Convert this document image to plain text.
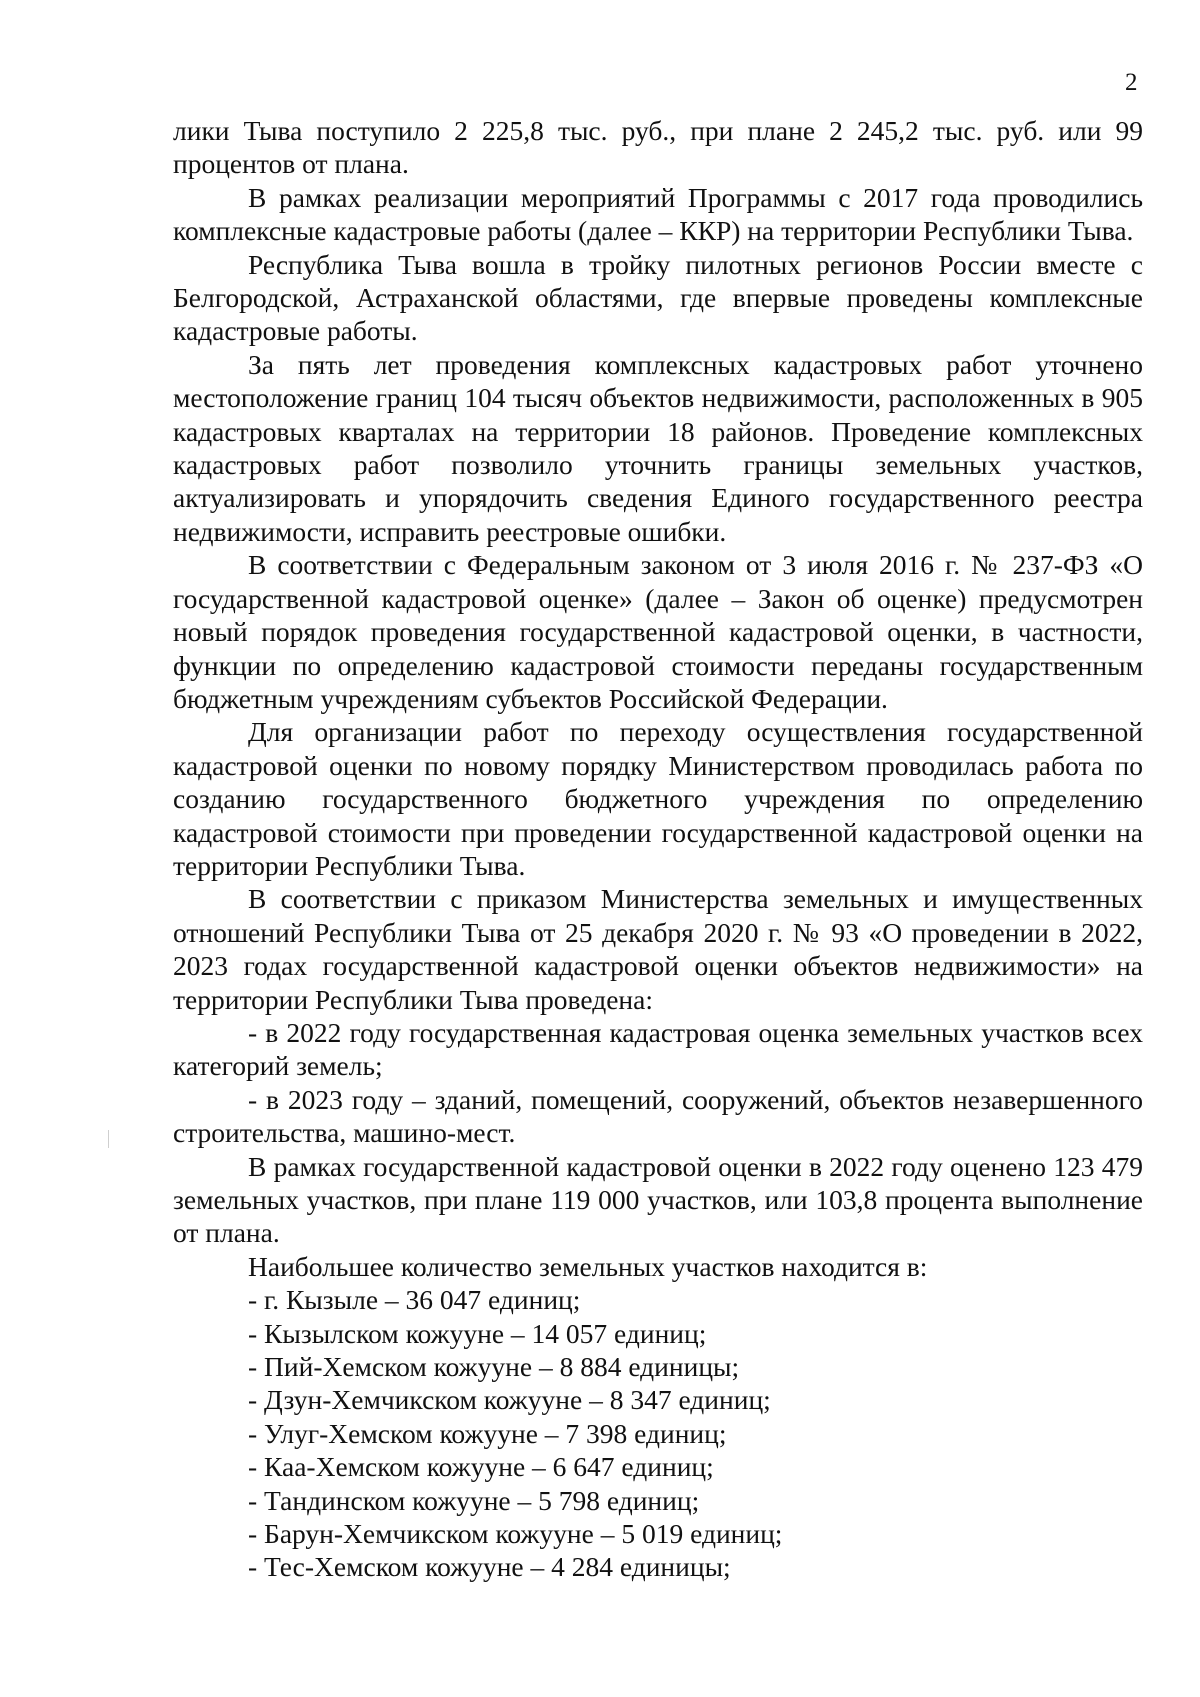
2

лики Тыва поступило 2 225,8 тыс. руб., при плане 2 245,2 тыс. руб. или 99 процентов от плана.

В рамках реализации мероприятий Программы с 2017 года проводились комплексные кадастровые работы (далее – ККР) на территории Республики Тыва.

Республика Тыва вошла в тройку пилотных регионов России вместе с Белгородской, Астраханской областями, где впервые проведены комплексные кадастровые работы.

За пять лет проведения комплексных кадастровых работ уточнено местоположение границ 104 тысяч объектов недвижимости, расположенных в 905 кадастровых кварталах на территории 18 районов. Проведение комплексных кадастровых работ позволило уточнить границы земельных участков, актуализировать и упорядочить сведения Единого государственного реестра недвижимости, исправить реестровые ошибки.

В соответствии с Федеральным законом от 3 июля 2016 г. № 237-ФЗ «О государственной кадастровой оценке» (далее – Закон об оценке) предусмотрен новый порядок проведения государственной кадастровой оценки, в частности, функции по определению кадастровой стоимости переданы государственным бюджетным учреждениям субъектов Российской Федерации.

Для организации работ по переходу осуществления государственной кадастровой оценки по новому порядку Министерством проводилась работа по созданию государственного бюджетного учреждения по определению кадастровой стоимости при проведении государственной кадастровой оценки на территории Республики Тыва.

В соответствии с приказом Министерства земельных и имущественных отношений Республики Тыва от 25 декабря 2020 г. № 93 «О проведении в 2022, 2023 годах государственной кадастровой оценки объектов недвижимости» на территории Республики Тыва проведена:

- в 2022 году государственная кадастровая оценка земельных участков всех категорий земель;

- в 2023 году – зданий, помещений, сооружений, объектов незавершенного строительства, машино-мест.

В рамках государственной кадастровой оценки в 2022 году оценено 123 479 земельных участков, при плане 119 000 участков, или 103,8 процента выполнение от плана.

Наибольшее количество земельных участков находится в:

- г. Кызыле – 36 047 единиц;

- Кызылском кожууне – 14 057 единиц;

- Пий-Хемском кожууне – 8 884 единицы;

- Дзун-Хемчикском кожууне – 8 347 единиц;

- Улуг-Хемском кожууне – 7 398 единиц;

- Каа-Хемском кожууне – 6 647 единиц;

- Тандинском кожууне – 5 798 единиц;

- Барун-Хемчикском кожууне – 5 019 единиц;

- Тес-Хемском кожууне – 4 284 единицы;
